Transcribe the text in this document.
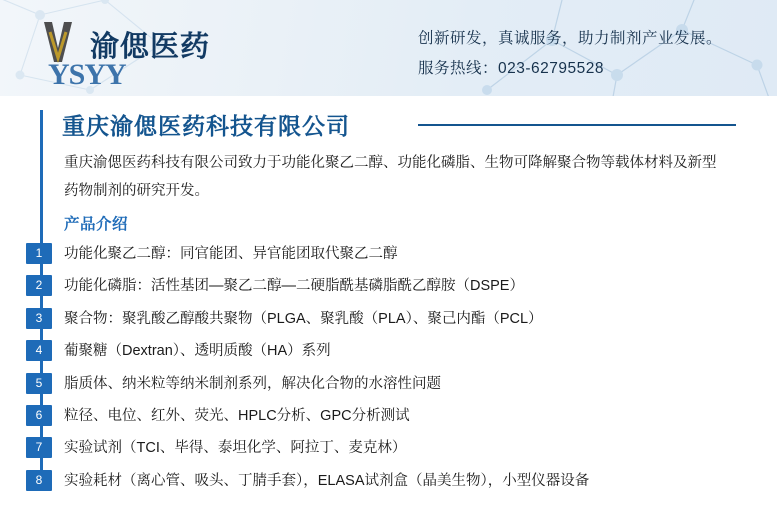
渝偲医药
YSYY
创新研发，真诚服务，助力制剂产业发展。
服务热线：023-62795528
重庆渝偲医药科技有限公司
重庆渝偲医药科技有限公司致力于功能化聚乙二醇、功能化磷脂、生物可降解聚合物等载体材料及新型药物制剂的研究开发。
产品介绍
1	功能化聚乙二醇：同官能团、异官能团取代聚乙二醇
2	功能化磷脂：活性基团—聚乙二醇—二硬脂酰基磷脂酰乙醇胺（DSPE）
3	聚合物：聚乳酸乙醇酸共聚物（PLGA、聚乳酸（PLA）、聚己内酯（PCL）
4	葡聚糖（Dextran）、透明质酸（HA）系列
5	脂质体、纳米粒等纳米制剂系列，解决化合物的水溶性问题
6	粒径、电位、红外、荧光、HPLC分析、GPC分析测试
7	实验试剂（TCI、毕得、泰坦化学、阿拉丁、麦克林）
8	实验耗材（离心管、吸头、丁腈手套），ELASA试剂盒（晶美生物），小型仪器设备
